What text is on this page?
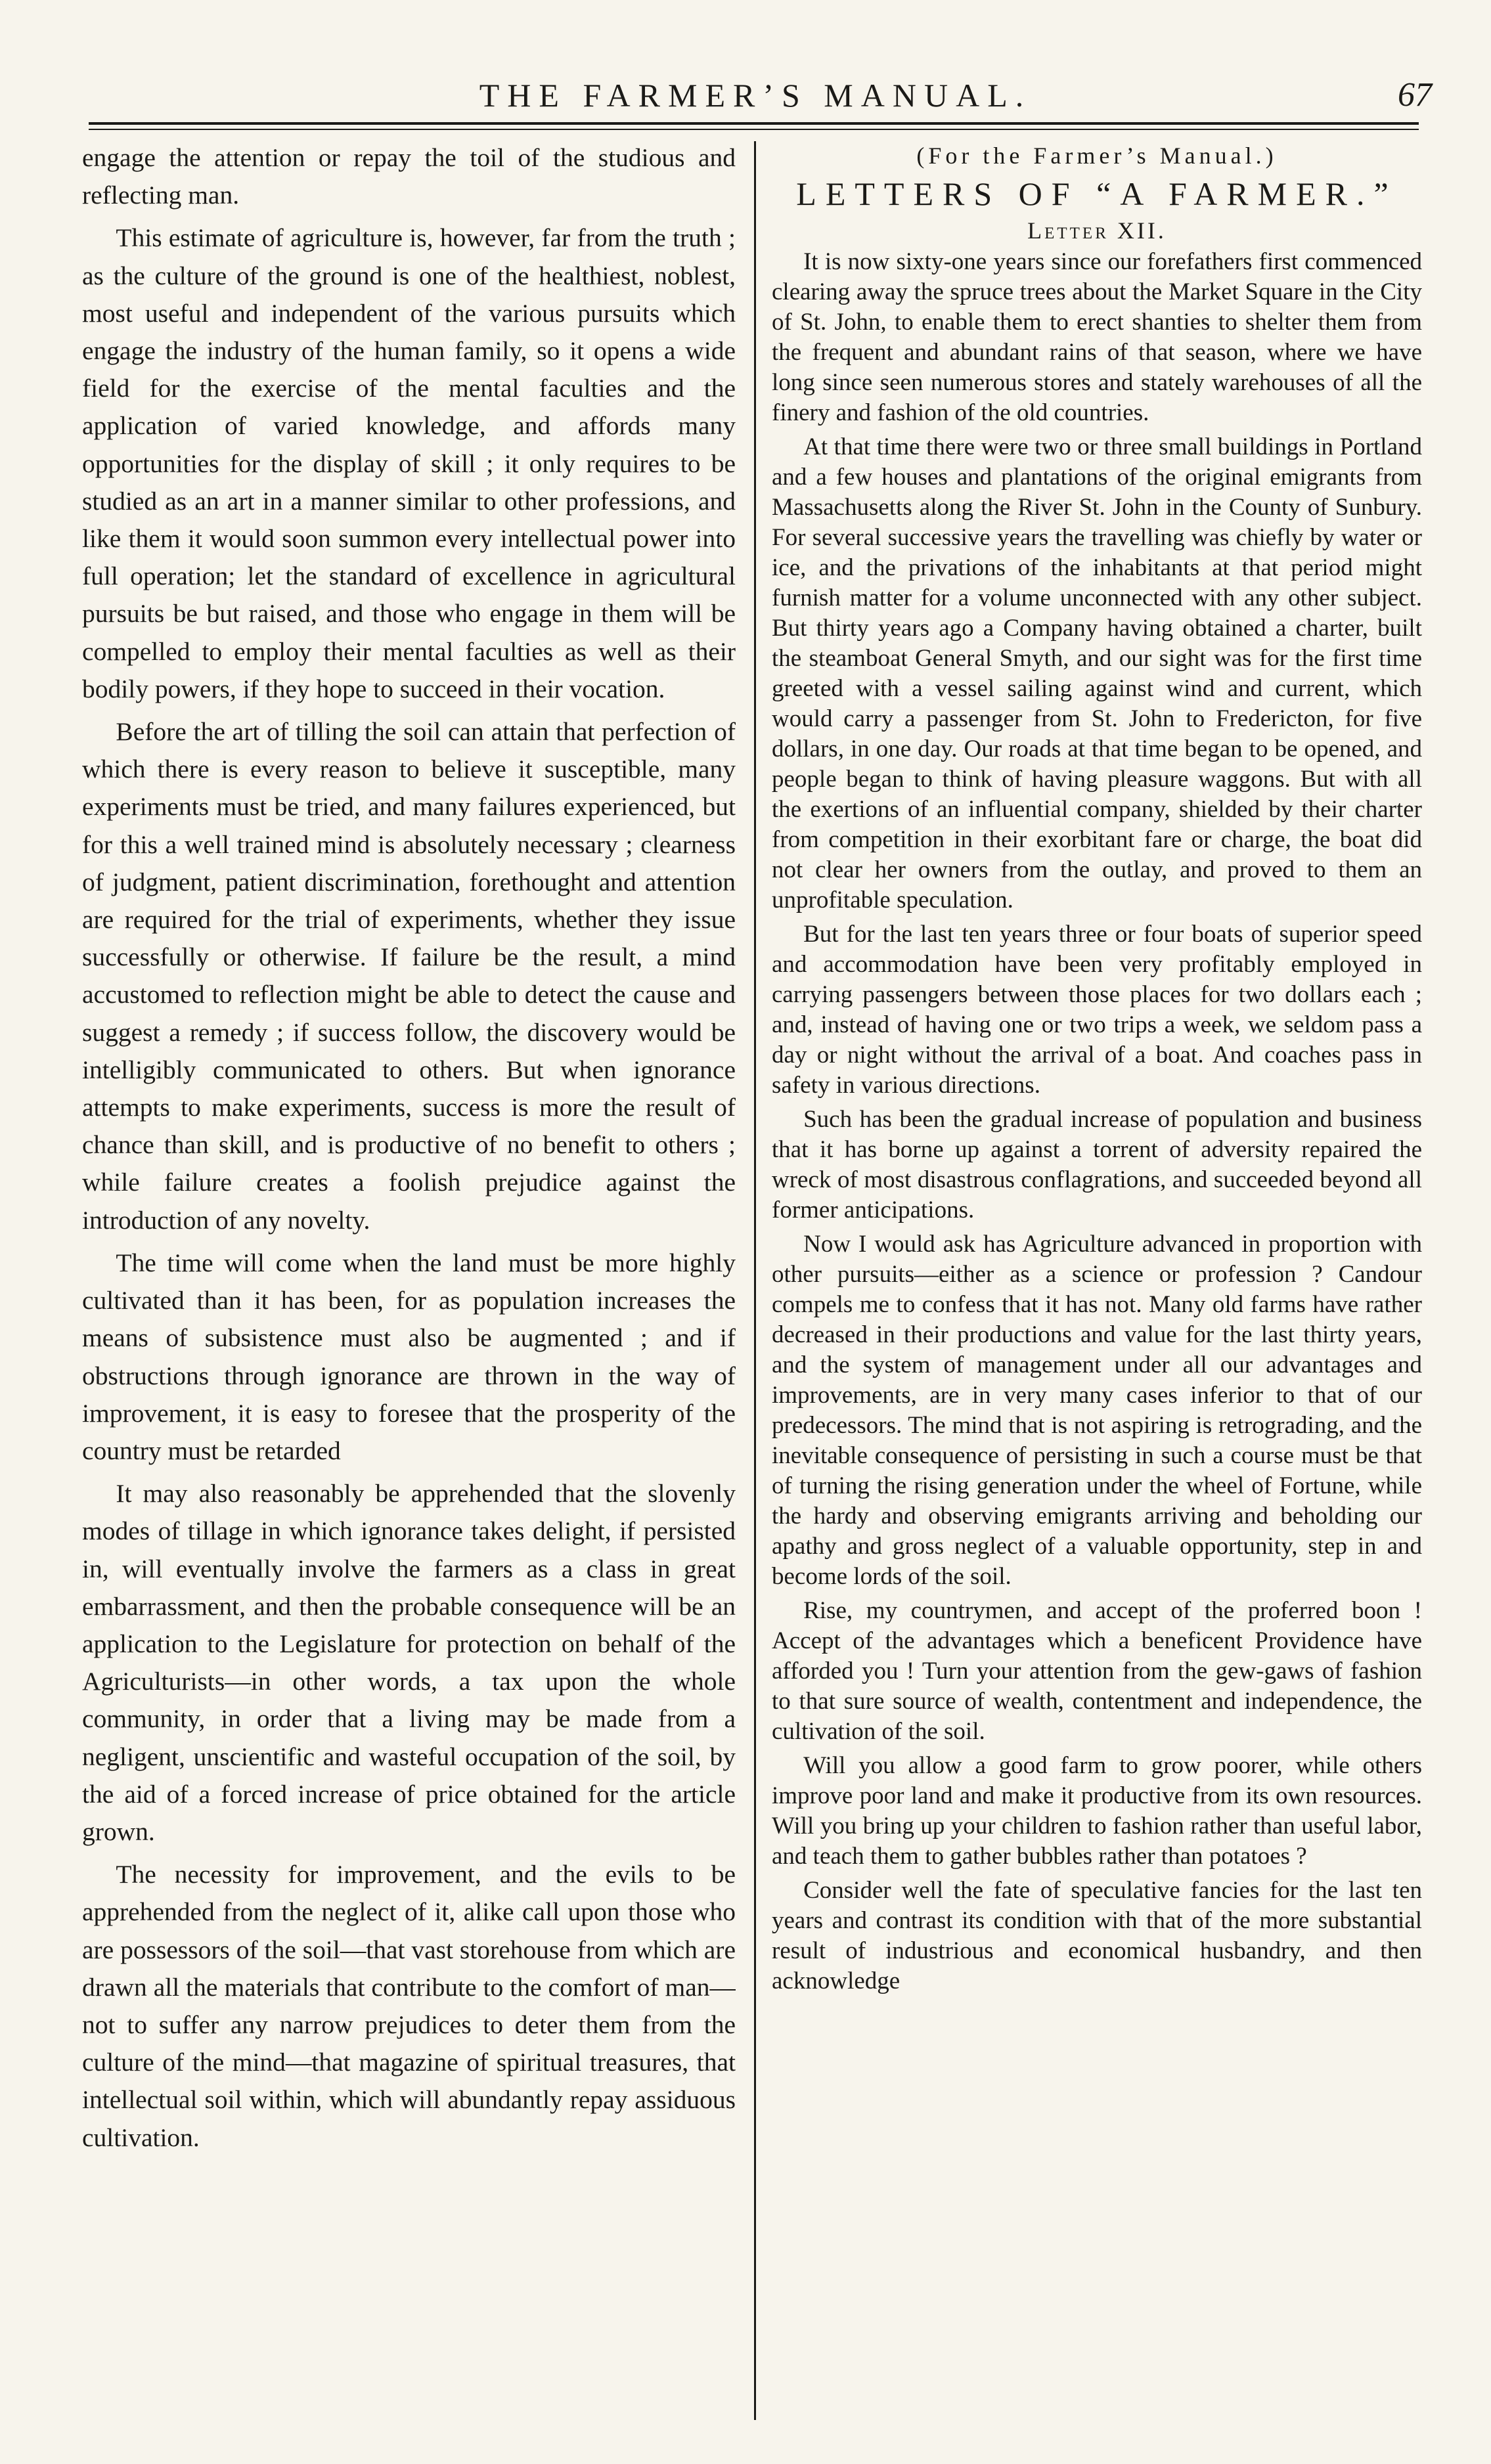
THE FARMER’S MANUAL.	67

engage the attention or repay the toil of the studious and reflecting man.

This estimate of agriculture is, however, far from the truth ; as the culture of the ground is one of the healthiest, noblest, most useful and independent of the various pursuits which engage the industry of the human family, so it opens a wide field for the exercise of the mental faculties and the application of varied knowledge, and affords many opportunities for the display of skill ; it only requires to be studied as an art in a manner similar to other professions, and like them it would soon summon every intellectual power into full operation; let the standard of excellence in agricultural pursuits be but raised, and those who engage in them will be compelled to employ their mental faculties as well as their bodily powers, if they hope to succeed in their vocation.

Before the art of tilling the soil can attain that perfection of which there is every reason to believe it susceptible, many experiments must be tried, and many failures experienced, but for this a well trained mind is absolutely necessary ; clearness of judgment, patient discrimination, forethought and attention are required for the trial of experiments, whether they issue successfully or otherwise. If failure be the result, a mind accustomed to reflection might be able to detect the cause and suggest a remedy ; if success follow, the discovery would be intelligibly communicated to others. But when ignorance attempts to make experiments, success is more the result of chance than skill, and is productive of no benefit to others ; while failure creates a foolish prejudice against the introduction of any novelty.

The time will come when the land must be more highly cultivated than it has been, for as population increases the means of subsistence must also be augmented ; and if obstructions through ignorance are thrown in the way of improvement, it is easy to foresee that the prosperity of the country must be retarded

It may also reasonably be apprehended that the slovenly modes of tillage in which ignorance takes delight, if persisted in, will eventually involve the farmers as a class in great embarrassment, and then the probable consequence will be an application to the Legislature for protection on behalf of the Agriculturists—in other words, a tax upon the whole community, in order that a living may be made from a negligent, unscientific and wasteful occupation of the soil, by the aid of a forced increase of price obtained for the article grown.

The necessity for improvement, and the evils to be apprehended from the neglect of it, alike call upon those who are possessors of the soil—that vast storehouse from which are drawn all the materials that contribute to the comfort of man—not to suffer any narrow prejudices to deter them from the culture of the mind—that magazine of spiritual treasures, that intellectual soil within, which will abundantly repay assiduous cultivation.

(For the Farmer’s Manual.)
LETTERS OF “A FARMER.”
Letter XII.

It is now sixty-one years since our forefathers first commenced clearing away the spruce trees about the Market Square in the City of St. John, to enable them to erect shanties to shelter them from the frequent and abundant rains of that season, where we have long since seen numerous stores and stately warehouses of all the finery and fashion of the old countries.

At that time there were two or three small buildings in Portland and a few houses and plantations of the original emigrants from Massachusetts along the River St. John in the County of Sunbury. For several successive years the travelling was chiefly by water or ice, and the privations of the inhabitants at that period might furnish matter for a volume unconnected with any other subject. But thirty years ago a Company having obtained a charter, built the steamboat General Smyth, and our sight was for the first time greeted with a vessel sailing against wind and current, which would carry a passenger from St. John to Fredericton, for five dollars, in one day. Our roads at that time began to be opened, and people began to think of having pleasure waggons. But with all the exertions of an influential company, shielded by their charter from competition in their exorbitant fare or charge, the boat did not clear her owners from the outlay, and proved to them an unprofitable speculation.

But for the last ten years three or four boats of superior speed and accommodation have been very profitably employed in carrying passengers between those places for two dollars each ; and, instead of having one or two trips a week, we seldom pass a day or night without the arrival of a boat. And coaches pass in safety in various directions.

Such has been the gradual increase of population and business that it has borne up against a torrent of adversity repaired the wreck of most disastrous conflagrations, and succeeded beyond all former anticipations.

Now I would ask has Agriculture advanced in proportion with other pursuits—either as a science or profession ? Candour compels me to confess that it has not. Many old farms have rather decreased in their productions and value for the last thirty years, and the system of management under all our advantages and improvements, are in very many cases inferior to that of our predecessors. The mind that is not aspiring is retrograding, and the inevitable consequence of persisting in such a course must be that of turning the rising generation under the wheel of Fortune, while the hardy and observing emigrants arriving and beholding our apathy and gross neglect of a valuable opportunity, step in and become lords of the soil.

Rise, my countrymen, and accept of the proferred boon ! Accept of the advantages which a beneficent Providence have afforded you ! Turn your attention from the gew-gaws of fashion to that sure source of wealth, contentment and independence, the cultivation of the soil.

Will you allow a good farm to grow poorer, while others improve poor land and make it productive from its own resources. Will you bring up your children to fashion rather than useful labor, and teach them to gather bubbles rather than potatoes ?

Consider well the fate of speculative fancies for the last ten years and contrast its condition with that of the more substantial result of industrious and economical husbandry, and then acknowledge
